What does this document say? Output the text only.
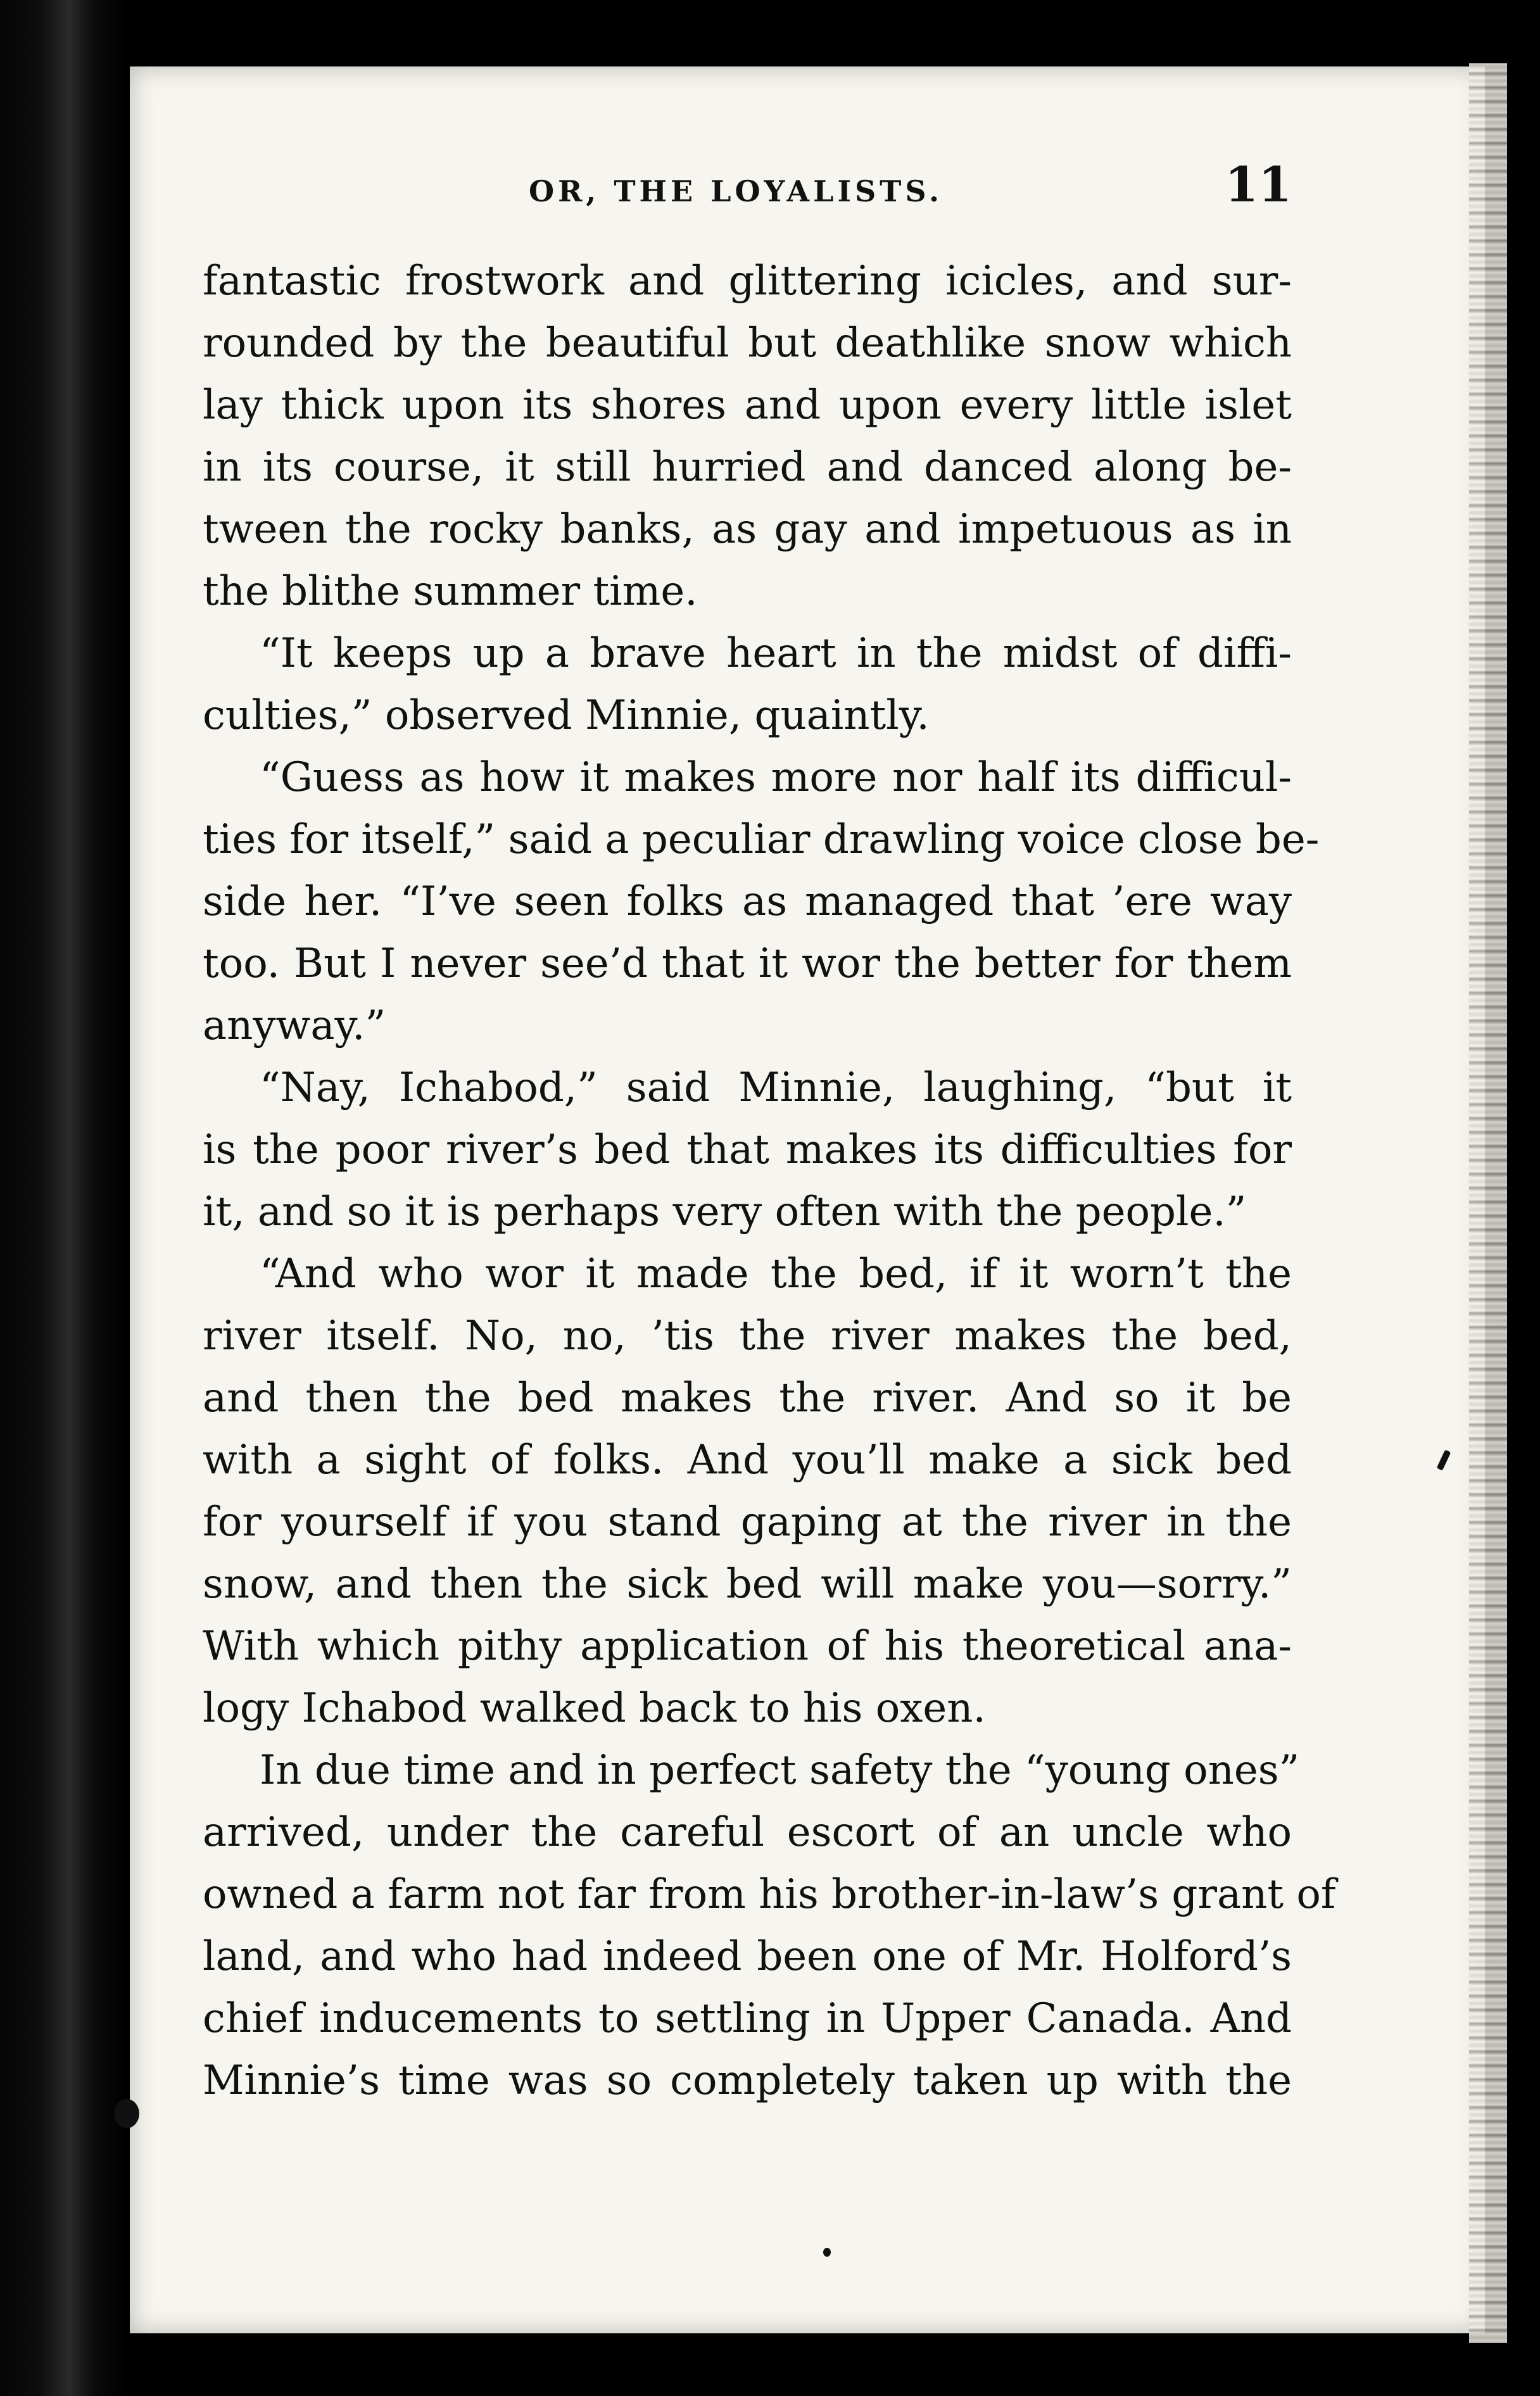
OR, THE LOYALISTS.	11

fantastic frostwork and glittering icicles, and sur-
rounded by the beautiful but deathlike snow which
lay thick upon its shores and upon every little islet
in its course, it still hurried and danced along be-
tween the rocky banks, as gay and impetuous as in
the blithe summer time.

“It keeps up a brave heart in the midst of diffi-
culties,” observed Minnie, quaintly.

“Guess as how it makes more nor half its difficul-
ties for itself,” said a peculiar drawling voice close be-
side her. “I’ve seen folks as managed that ’ere way
too. But I never see’d that it wor the better for them
anyway.”

“Nay, Ichabod,” said Minnie, laughing, “but it
is the poor river’s bed that makes its difficulties for
it, and so it is perhaps very often with the people.”

“And who wor it made the bed, if it worn’t the
river itself. No, no, ’tis the river makes the bed,
and then the bed makes the river. And so it be
with a sight of folks. And you’ll make a sick bed
for yourself if you stand gaping at the river in the
snow, and then the sick bed will make you—sorry.”
With which pithy application of his theoretical ana-
logy Ichabod walked back to his oxen.

In due time and in perfect safety the “young ones”
arrived, under the careful escort of an uncle who
owned a farm not far from his brother-in-law’s grant of
land, and who had indeed been one of Mr. Holford’s
chief inducements to settling in Upper Canada. And
Minnie’s time was so completely taken up with the
